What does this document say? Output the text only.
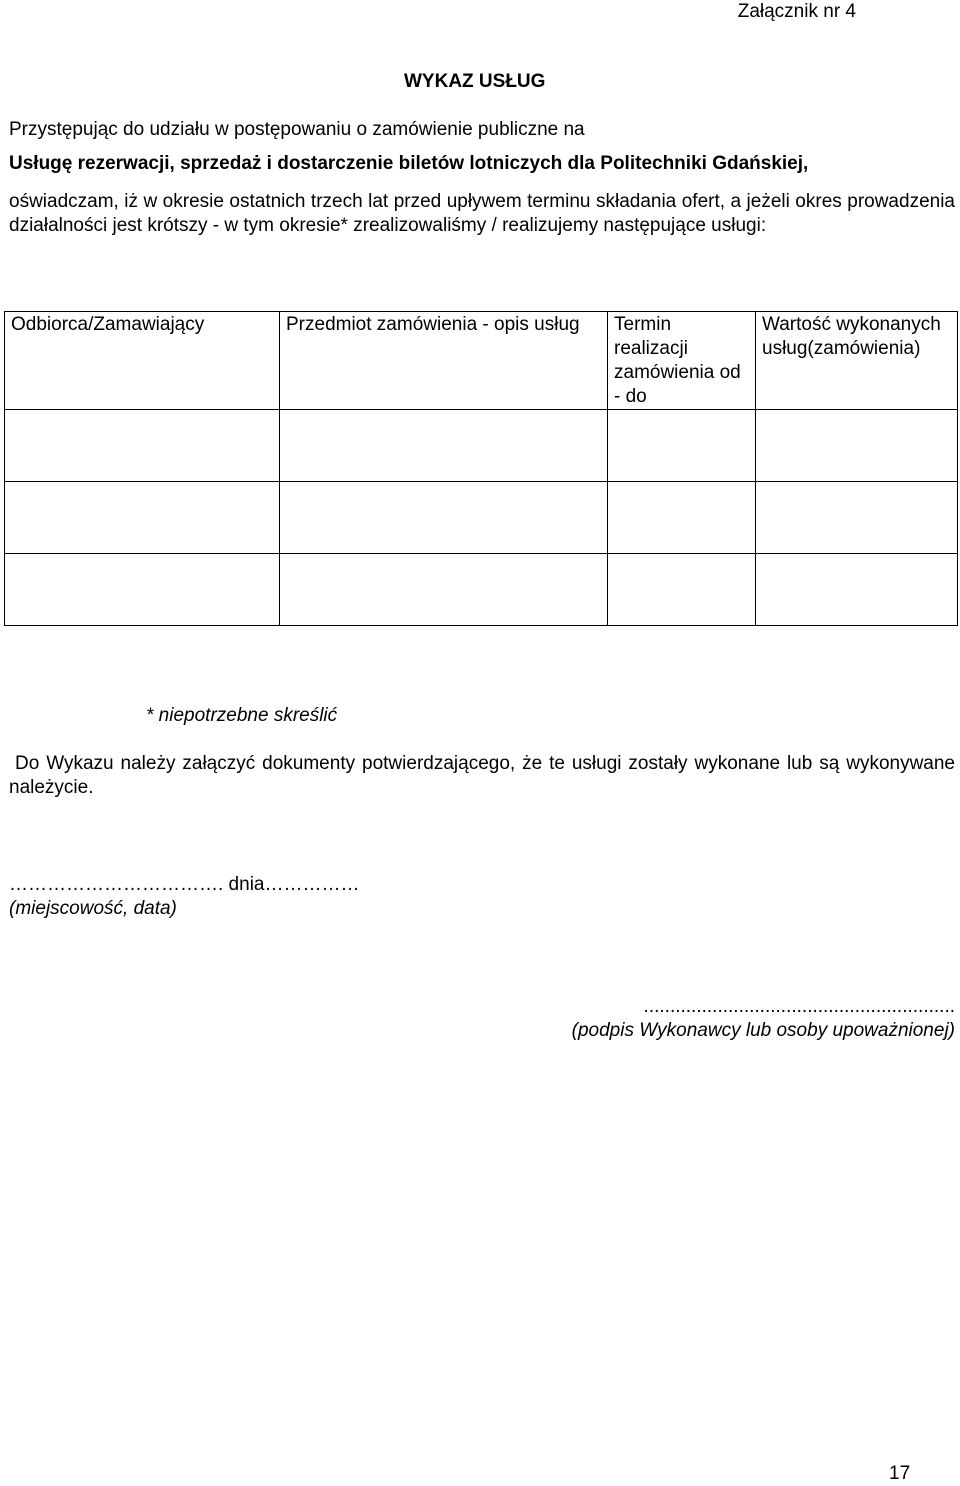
Załącznik nr 4
WYKAZ USŁUG
Przystępując do udziału w postępowaniu o zamówienie publiczne na
Usługę rezerwacji, sprzedaż i dostarczenie biletów lotniczych dla Politechniki Gdańskiej,
oświadczam, iż w okresie ostatnich trzech lat przed upływem terminu składania ofert, a jeżeli okres prowadzenia działalności jest krótszy - w tym okresie* zrealizowaliśmy / realizujemy następujące usługi:
Odbiorca/Zamawiający	Przedmiot zamówienia - opis usług	Termin realizacji zamówienia od - do	Wartość wykonanych usług(zamówienia)

* niepotrzebne skreślić
Do Wykazu należy załączyć dokumenty potwierdzającego, że te usługi zostały wykonane lub są wykonywane należycie.
……………………………. dnia……………
(miejscowość, data)
...........................................................
(podpis Wykonawcy lub osoby upoważnionej)
17
